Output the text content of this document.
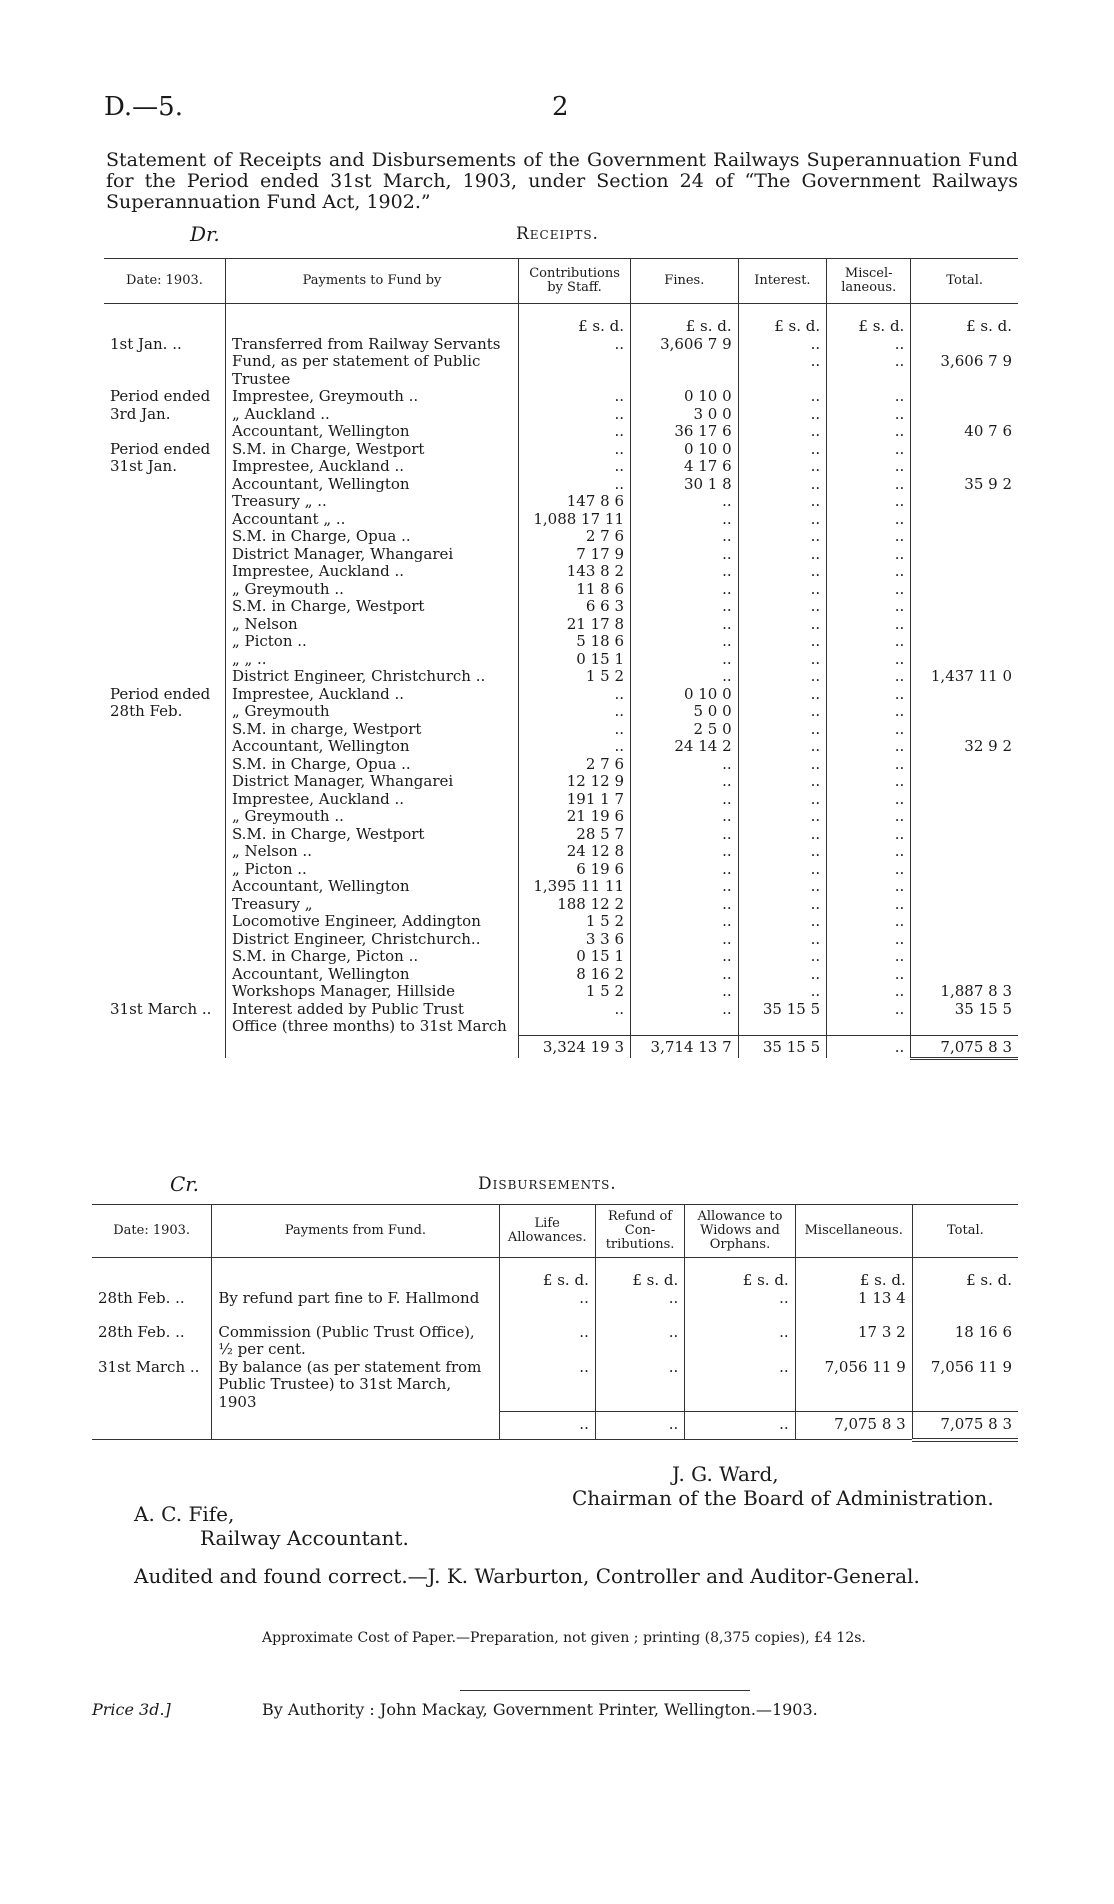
D.—5.	2
Statement of Receipts and Disbursements of the Government Railways Superannuation Fund for the Period ended 31st March, 1903, under Section 24 of “The Government Railways Superannuation Fund Act, 1902.”
Dr.	Receipts.
Date: 1903.	Payments to Fund by	Contributions by Staff.	Fines.	Interest.	Miscel-laneous.	Total.
		£ s. d.	£ s. d.	£ s. d.	£ s. d.	£ s. d.
1st Jan. ..	Transferred from Railway Servants	..	3,606 7 9	..	..	
	Fund, as per statement of Public Trustee			..	..	3,606 7 9
Period ended	Imprestee, Greymouth ..	..	0 10 0	..	..	
3rd Jan.	„ Auckland ..	..	3 0 0	..	..	
	Accountant, Wellington	..	36 17 6	..	..	40 7 6
Period ended	S.M. in Charge, Westport	..	0 10 0	..	..	
31st Jan.	Imprestee, Auckland ..	..	4 17 6	..	..	
	Accountant, Wellington	..	30 1 8	..	..	35 9 2
	Treasury „ ..	147 8 6	..	..	..	
	Accountant „ ..	1,088 17 11	..	..	..	
	S.M. in Charge, Opua ..	2 7 6	..	..	..	
	District Manager, Whangarei	7 17 9	..	..	..	
	Imprestee, Auckland ..	143 8 2	..	..	..	
	„ Greymouth ..	11 8 6	..	..	..	
	S.M. in Charge, Westport	6 6 3	..	..	..	
	„ Nelson	21 17 8	..	..	..	
	„ Picton ..	5 18 6	..	..	..	
	„ „ ..	0 15 1	..	..	..	
	District Engineer, Christchurch ..	1 5 2	..	..	..	1,437 11 0
Period ended	Imprestee, Auckland ..	..	0 10 0	..	..	
28th Feb.	„ Greymouth	..	5 0 0	..	..	
	S.M. in charge, Westport	..	2 5 0	..	..	
	Accountant, Wellington	..	24 14 2	..	..	32 9 2
	S.M. in Charge, Opua ..	2 7 6	..	..	..	
	District Manager, Whangarei	12 12 9	..	..	..	
	Imprestee, Auckland ..	191 1 7	..	..	..	
	„ Greymouth ..	21 19 6	..	..	..	
	S.M. in Charge, Westport	28 5 7	..	..	..	
	„ Nelson ..	24 12 8	..	..	..	
	„ Picton ..	6 19 6	..	..	..	
	Accountant, Wellington	1,395 11 11	..	..	..	
	Treasury „	188 12 2	..	..	..	
	Locomotive Engineer, Addington	1 5 2	..	..	..	
	District Engineer, Christchurch..	3 3 6	..	..	..	
	S.M. in Charge, Picton ..	0 15 1	..	..	..	
	Accountant, Wellington	8 16 2	..	..	..	
	Workshops Manager, Hillside	1 5 2	..	..	..	1,887 8 3
31st March ..	Interest added by Public Trust Office (three months) to 31st March	..	..	35 15 5	..	35 15 5
		3,324 19 3	3,714 13 7	35 15 5	..	7,075 8 3
Cr.	Disbursements.
Date: 1903.	Payments from Fund.	Life Allowances.	Refund of Con-tributions.	Allowance to Widows and Orphans.	Miscellaneous.	Total.
		£ s. d.	£ s. d.	£ s. d.	£ s. d.	£ s. d.
28th Feb. ..	By refund part fine to F. Hallmond	..	..	..	1 13 4	
28th Feb. ..	Commission (Public Trust Office), ½ per cent.	..	..	..	17 3 2	18 16 6
31st March ..	By balance (as per statement from Public Trustee) to 31st March, 1903	..	..	..	7,056 11 9	7,056 11 9
		..	..	..	7,075 8 3	7,075 8 3
J. G. Ward,
Chairman of the Board of Administration.
A. C. Fife,
Railway Accountant.
Audited and found correct.—J. K. Warburton, Controller and Auditor-General.
Approximate Cost of Paper.—Preparation, not given ; printing (8,375 copies), £4 12s.
Price 3d.]	By Authority : John Mackay, Government Printer, Wellington.—1903.
